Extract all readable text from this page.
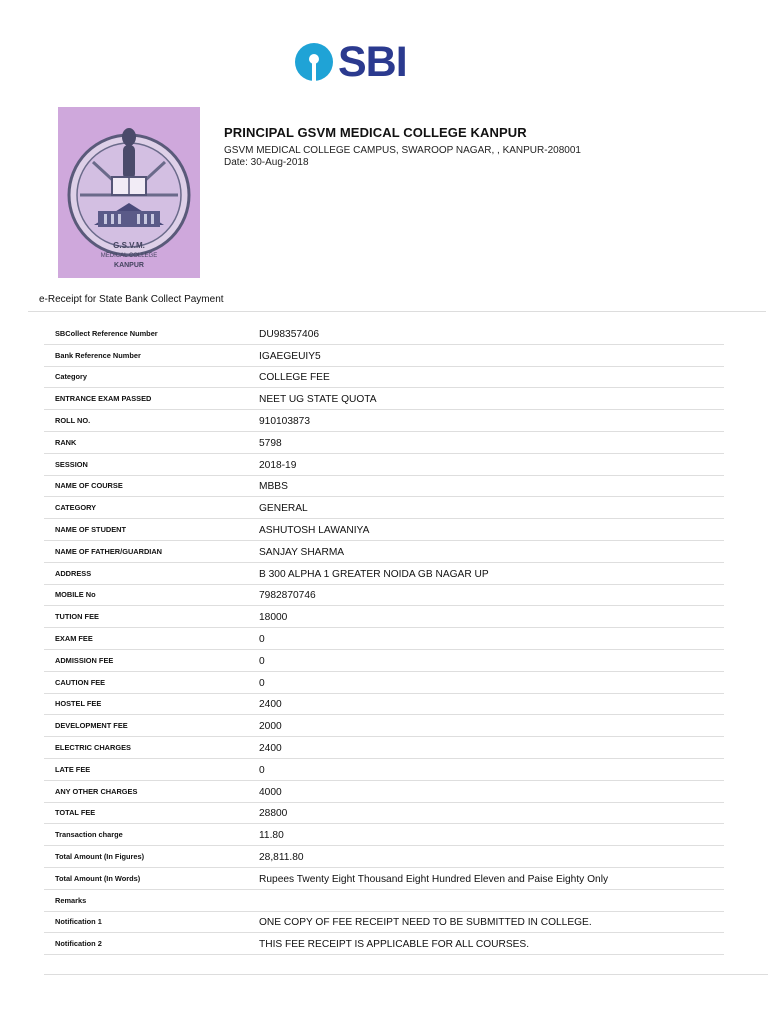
SBI
G.S.V.M.
MEDICAL COLLEGE
KANPUR
PRINCIPAL GSVM MEDICAL COLLEGE KANPUR
GSVM MEDICAL COLLEGE CAMPUS, SWAROOP NAGAR, , KANPUR-208001
Date: 30-Aug-2018
e-Receipt for State Bank Collect Payment
SBCollect Reference Number	DU98357406
Bank Reference Number	IGAEGEUIY5
Category	COLLEGE FEE
ENTRANCE EXAM PASSED	NEET UG STATE QUOTA
ROLL NO.	910103873
RANK	5798
SESSION	2018-19
NAME OF COURSE	MBBS
CATEGORY	GENERAL
NAME OF STUDENT	ASHUTOSH LAWANIYA
NAME OF FATHER/GUARDIAN	SANJAY SHARMA
ADDRESS	B 300 ALPHA 1 GREATER NOIDA GB NAGAR UP
MOBILE No	7982870746
TUTION FEE	18000
EXAM FEE	0
ADMISSION FEE	0
CAUTION FEE	0
HOSTEL FEE	2400
DEVELOPMENT FEE	2000
ELECTRIC CHARGES	2400
LATE FEE	0
ANY OTHER CHARGES	4000
TOTAL FEE	28800
Transaction charge	11.80
Total Amount (In Figures)	28,811.80
Total Amount (In Words)	Rupees Twenty Eight Thousand Eight Hundred Eleven and Paise Eighty Only
Remarks
Notification 1	ONE COPY OF FEE RECEIPT NEED TO BE SUBMITTED IN COLLEGE.
Notification 2	THIS FEE RECEIPT IS APPLICABLE FOR ALL COURSES.
